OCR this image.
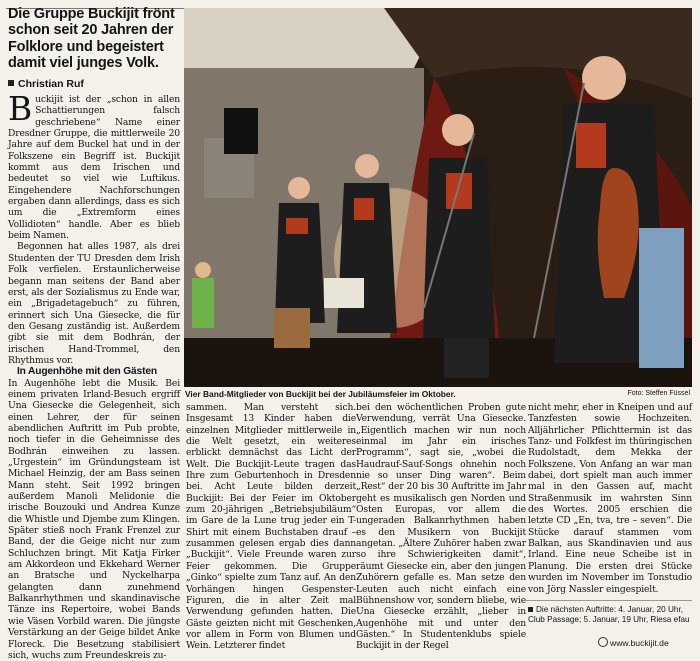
Die Gruppe Buckijit frönt schon seit 20 Jahren der Folklore und begeistert damit viel junges Volk.
Christian Ruf

Buckijit ist der „schon in allen Schattierungen falsch geschriebene“ Name einer Dresdner Gruppe, die mittlerweile 20 Jahre auf dem Buckel hat und in der Folkszene ein Begriff ist. Buckijit kommt aus dem Irischen und bedeutet so viel wie Luftikus. Eingehendere Nachforschungen ergaben dann allerdings, dass es sich um die „Extremform eines Vollidioten“ handle. Aber es blieb beim Namen.

Begonnen hat alles 1987, als drei Studenten der TU Dresden dem Irish Folk verfielen. Erstaunlicherweise begann man seitens der Band aber erst, als der Sozialismus zu Ende war, ein „Brigadetagebuch“ zu führen, erinnert sich Una Giesecke, die für den Gesang zuständig ist. Außerdem gibt sie mit dem Bodhrán, der irischen Hand-Trommel, den Rhythmus vor.

In Augenhöhe mit den Gästen

In Augenhöhe lebt die Musik. Bei einem privaten Irland-Besuch ergriff Una Giesecke die Gelegenheit, sich einen Lehrer, der für seinen abendlichen Auftritt im Pub probte, noch tiefer in die Geheimnisse des Bodhrán einweihen zu lassen. „Urgestein“ im Gründungsteam ist Michael Heinzig, der am Bass seinen Mann steht. Seit 1992 bringen außerdem Manoli Melidonie die irische Bouzouki und Andrea Kunze die Whistle und Djembe zum Klingen. Später stieß noch Frank Frenzel zur Band, der die Geige nicht nur zum Schluchzen bringt. Mit Katja Firker am Akkordeon und Ekkehard Werner an Bratsche und Nyckelharpa gelangten dann zunehmend Balkanrhythmen und skandinavische Tänze ins Repertoire, wobei Bands wie Väsen Vorbild waren. Die jüngste Verstärkung an der Geige bildet Anke Floreck. Die Besetzung stabilisiert sich, wuchs zum Freundeskreis zu-

Vier Band-Mitglieder von Buckijit bei der Jubiläumsfeier im Oktober.	Foto: Steffen Füssel

sammen. Man versteht sich. Insgesamt 13 Kinder haben die einzelnen Mitglieder mittlerweile in die Welt gesetzt, ein weiteres erblickt demnächst das Licht der Welt. Die Buckijit-Leute tragen das Ihre zum Geburtenhoch in Dresden bei. Acht Leute bilden derzeit Buckijit: Bei der Feier im Oktober zum 20-jährigen „Betriebsjubiläum“ im Gare de la Lune trug jeder ein T-Shirt mit einem Buchstaben drauf – zusammen gelesen ergab dies dann „Buckijit“. Viele Freunde waren zur Feier gekommen. Die Gruppe „Ginko“ spielte zum Tanz auf. An den Vorhängen hingen Gespenster-Figuren, die in alter Zeit mal Verwendung gefunden hatten. Die Gäste geizten nicht mit Geschenken, vor allem in Form von Blumen und Wein. Letzterer findet

bei den wöchentlichen Proben gute Verwendung, verrät Una Giesecke. „Eigentlich machen wir nun noch einmal im Jahr ein irisches Programm“, sagt sie, „wobei die Haudrauf-Sauf-Songs ohnehin noch nie so unser Ding waren“. Beim „Rest“ der 20 bis 30 Auftritte im Jahr geht es musikalisch gen Norden und Osten Europas, vor allem die ungeraden Balkanrhythmen haben es den Musikern von Buckijit angetan. „Ältere Zuhörer haben zwar so ihre Schwierigkeiten damit“, räumt Giesecke ein, aber den jungen Zuhörern gefalle es. Man setze den Leuten auch nicht einfach eine Bühnenshow vor, sondern bliebe, wie Una Giesecke erzählt, „lieber in Augenhöhe mit und unter den Gästen.“ In Studentenklubs spiele Buckijit in der Regel

nicht mehr, eher in Kneipen und auf Tanzfesten sowie Hochzeiten. Alljährlicher Pflichttermin ist das Tanz- und Folkfest im thüringischen Rudolstadt, dem Mekka der Folkszene. Von Anfang an war man dabei, dort spielt man auch immer mal in den Gassen auf, macht Straßenmusik im wahrsten Sinn des Wortes. 2005 erschien die letzte CD „En, tva, tre – seven“. Die Stücke darauf stammen vom Balkan, aus Skandinavien und aus Irland. Eine neue Scheibe ist in Planung. Die ersten drei Stücke wurden im November im Tonstudio von Jörg Nassler eingespielt.

Die nächsten Auftritte: 4. Januar, 20 Uhr, Club Passage; 5. Januar, 19 Uhr, Riesa efau
www.buckijit.de
